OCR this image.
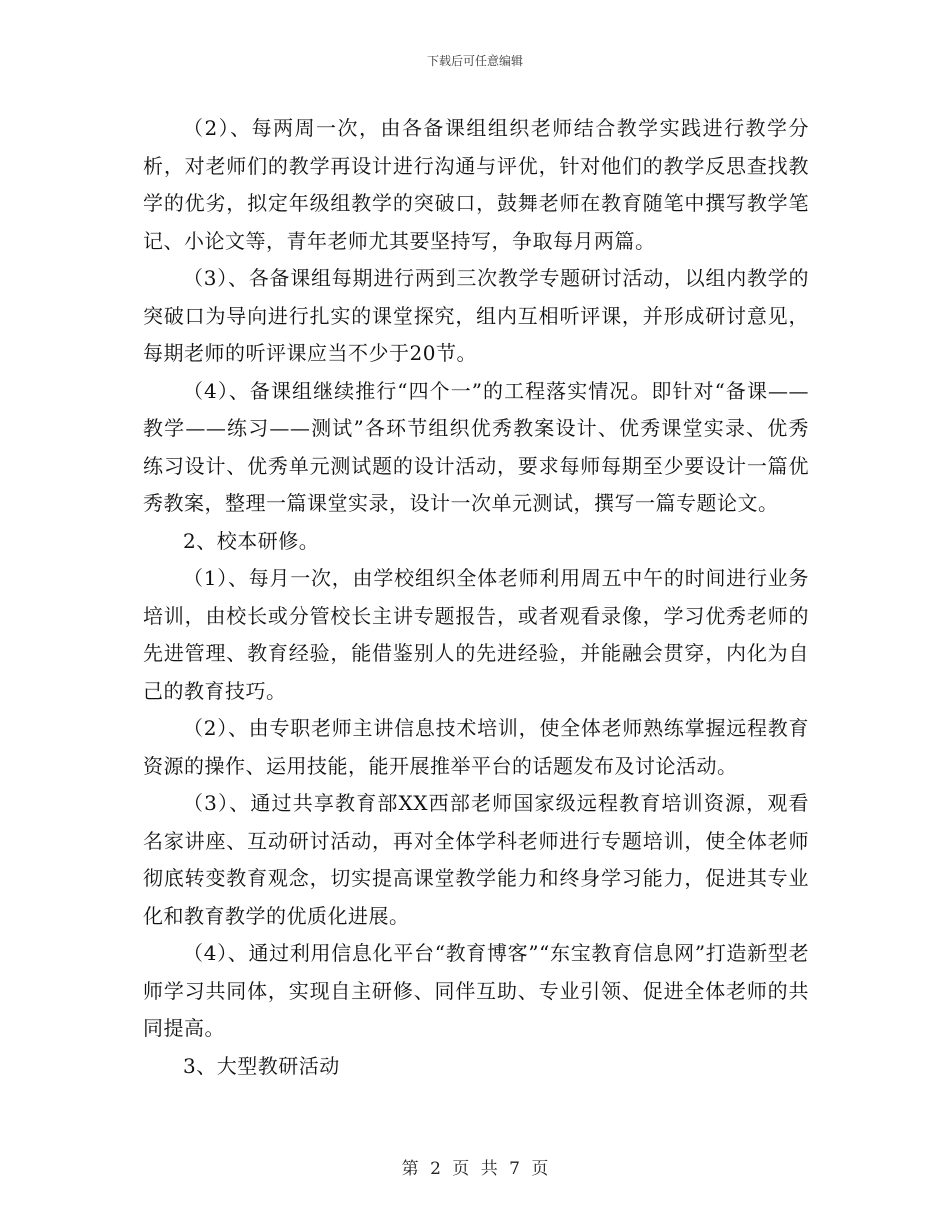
下载后可任意编辑

（2）、每两周一次，由各备课组组织老师结合教学实践进行教学分析，对老师们的教学再设计进行沟通与评优，针对他们的教学反思查找教学的优劣，拟定年级组教学的突破口，鼓舞老师在教育随笔中撰写教学笔记、小论文等，青年老师尤其要坚持写，争取每月两篇。

（3）、各备课组每期进行两到三次教学专题研讨活动，以组内教学的突破口为导向进行扎实的课堂探究，组内互相听评课，并形成研讨意见，每期老师的听评课应当不少于20节。

（4）、备课组继续推行“四个一”的工程落实情况。即针对“备课——教学——练习——测试”各环节组织优秀教案设计、优秀课堂实录、优秀练习设计、优秀单元测试题的设计活动，要求每师每期至少要设计一篇优秀教案，整理一篇课堂实录，设计一次单元测试，撰写一篇专题论文。

2、校本研修。

（1）、每月一次，由学校组织全体老师利用周五中午的时间进行业务培训，由校长或分管校长主讲专题报告，或者观看录像，学习优秀老师的先进管理、教育经验，能借鉴别人的先进经验，并能融会贯穿，内化为自己的教育技巧。

（2）、由专职老师主讲信息技术培训，使全体老师熟练掌握远程教育资源的操作、运用技能，能开展推举平台的话题发布及讨论活动。

（3）、通过共享教育部XX西部老师国家级远程教育培训资源，观看名家讲座、互动研讨活动，再对全体学科老师进行专题培训，使全体老师彻底转变教育观念，切实提高课堂教学能力和终身学习能力，促进其专业化和教育教学的优质化进展。

（4）、通过利用信息化平台“教育博客”“东宝教育信息网”打造新型老师学习共同体，实现自主研修、同伴互助、专业引领、促进全体老师的共同提高。

3、大型教研活动

第 2 页 共 7 页
